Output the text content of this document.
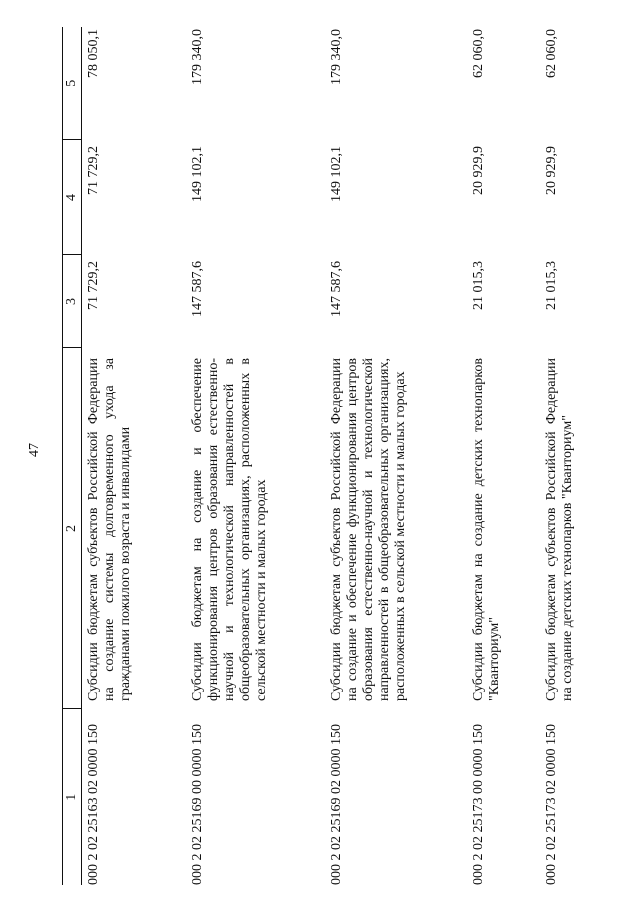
47
1	2	3	4	5
000 2 02 25163 02 0000 150	Субсидии бюджетам субъектов Российской Федерации на создание системы долговременного ухода за гражданами пожилого возраста и инвалидами	71 729,2	71 729,2	78 050,1
000 2 02 25169 00 0000 150	Субсидии бюджетам на создание и обеспечение функционирования центров образования естественно-научной и технологической направленностей в общеобразовательных организациях, расположенных в сельской местности и малых городах	147 587,6	149 102,1	179 340,0
000 2 02 25169 02 0000 150	Субсидии бюджетам субъектов Российской Федерации на создание и обеспечение функционирования центров образования естественно-научной и технологической направленностей в общеобразовательных организациях, расположенных в сельской местности и малых городах	147 587,6	149 102,1	179 340,0
000 2 02 25173 00 0000 150	Субсидии бюджетам на создание детских технопарков "Кванториум"	21 015,3	20 929,9	62 060,0
000 2 02 25173 02 0000 150	Субсидии бюджетам субъектов Российской Федерации на создание детских технопарков "Кванториум"	21 015,3	20 929,9	62 060,0
